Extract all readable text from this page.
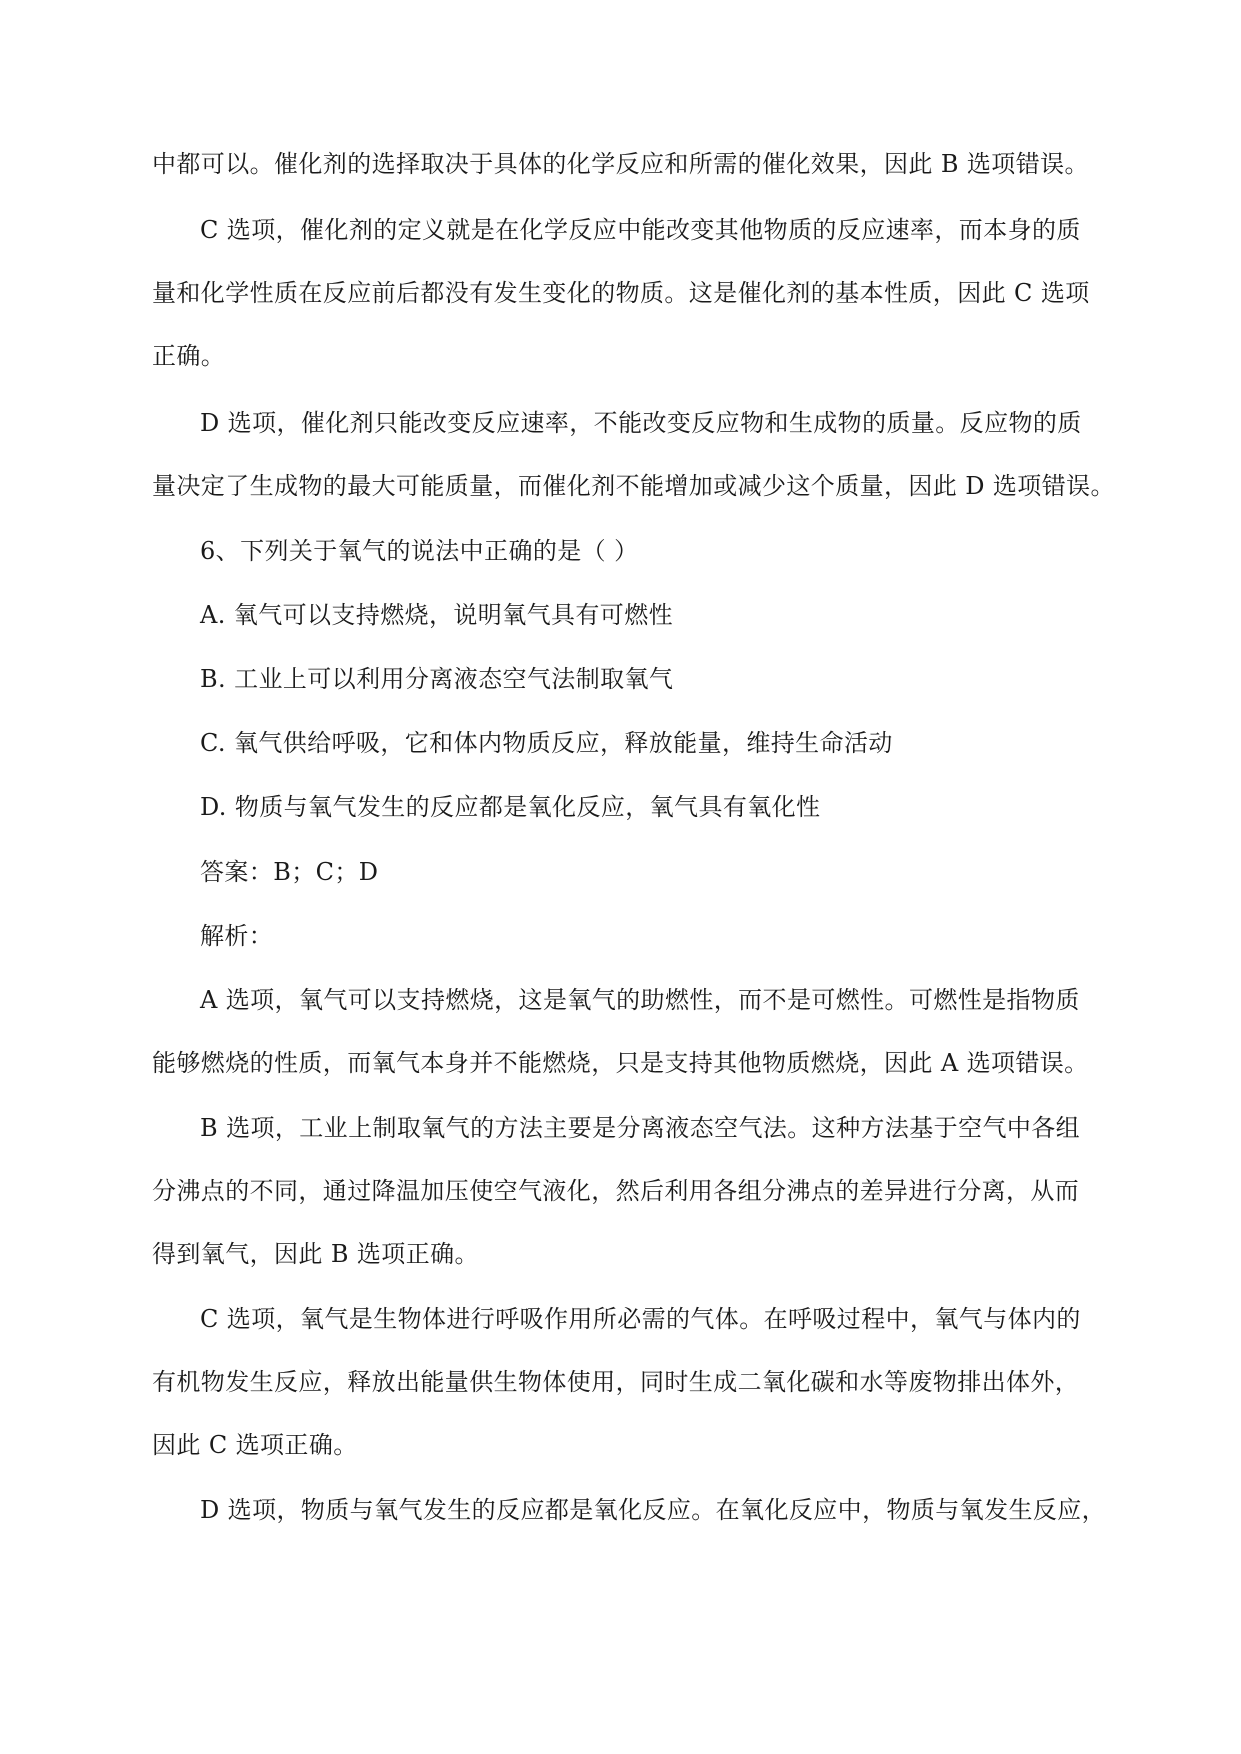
中都可以。催化剂的选择取决于具体的化学反应和所需的催化效果，因此 B 选项错误。
C 选项，催化剂的定义就是在化学反应中能改变其他物质的反应速率，而本身的质
量和化学性质在反应前后都没有发生变化的物质。这是催化剂的基本性质，因此 C 选项
正确。
D 选项，催化剂只能改变反应速率，不能改变反应物和生成物的质量。反应物的质
量决定了生成物的最大可能质量，而催化剂不能增加或减少这个质量，因此 D 选项错误。
6、下列关于氧气的说法中正确的是（ ）
A. 氧气可以支持燃烧，说明氧气具有可燃性
B. 工业上可以利用分离液态空气法制取氧气
C. 氧气供给呼吸，它和体内物质反应，释放能量，维持生命活动
D. 物质与氧气发生的反应都是氧化反应，氧气具有氧化性
答案：B；C；D
解析：
A 选项，氧气可以支持燃烧，这是氧气的助燃性，而不是可燃性。可燃性是指物质
能够燃烧的性质，而氧气本身并不能燃烧，只是支持其他物质燃烧，因此 A 选项错误。
B 选项，工业上制取氧气的方法主要是分离液态空气法。这种方法基于空气中各组
分沸点的不同，通过降温加压使空气液化，然后利用各组分沸点的差异进行分离，从而
得到氧气，因此 B 选项正确。
C 选项，氧气是生物体进行呼吸作用所必需的气体。在呼吸过程中，氧气与体内的
有机物发生反应，释放出能量供生物体使用，同时生成二氧化碳和水等废物排出体外，
因此 C 选项正确。
D 选项，物质与氧气发生的反应都是氧化反应。在氧化反应中，物质与氧发生反应，
